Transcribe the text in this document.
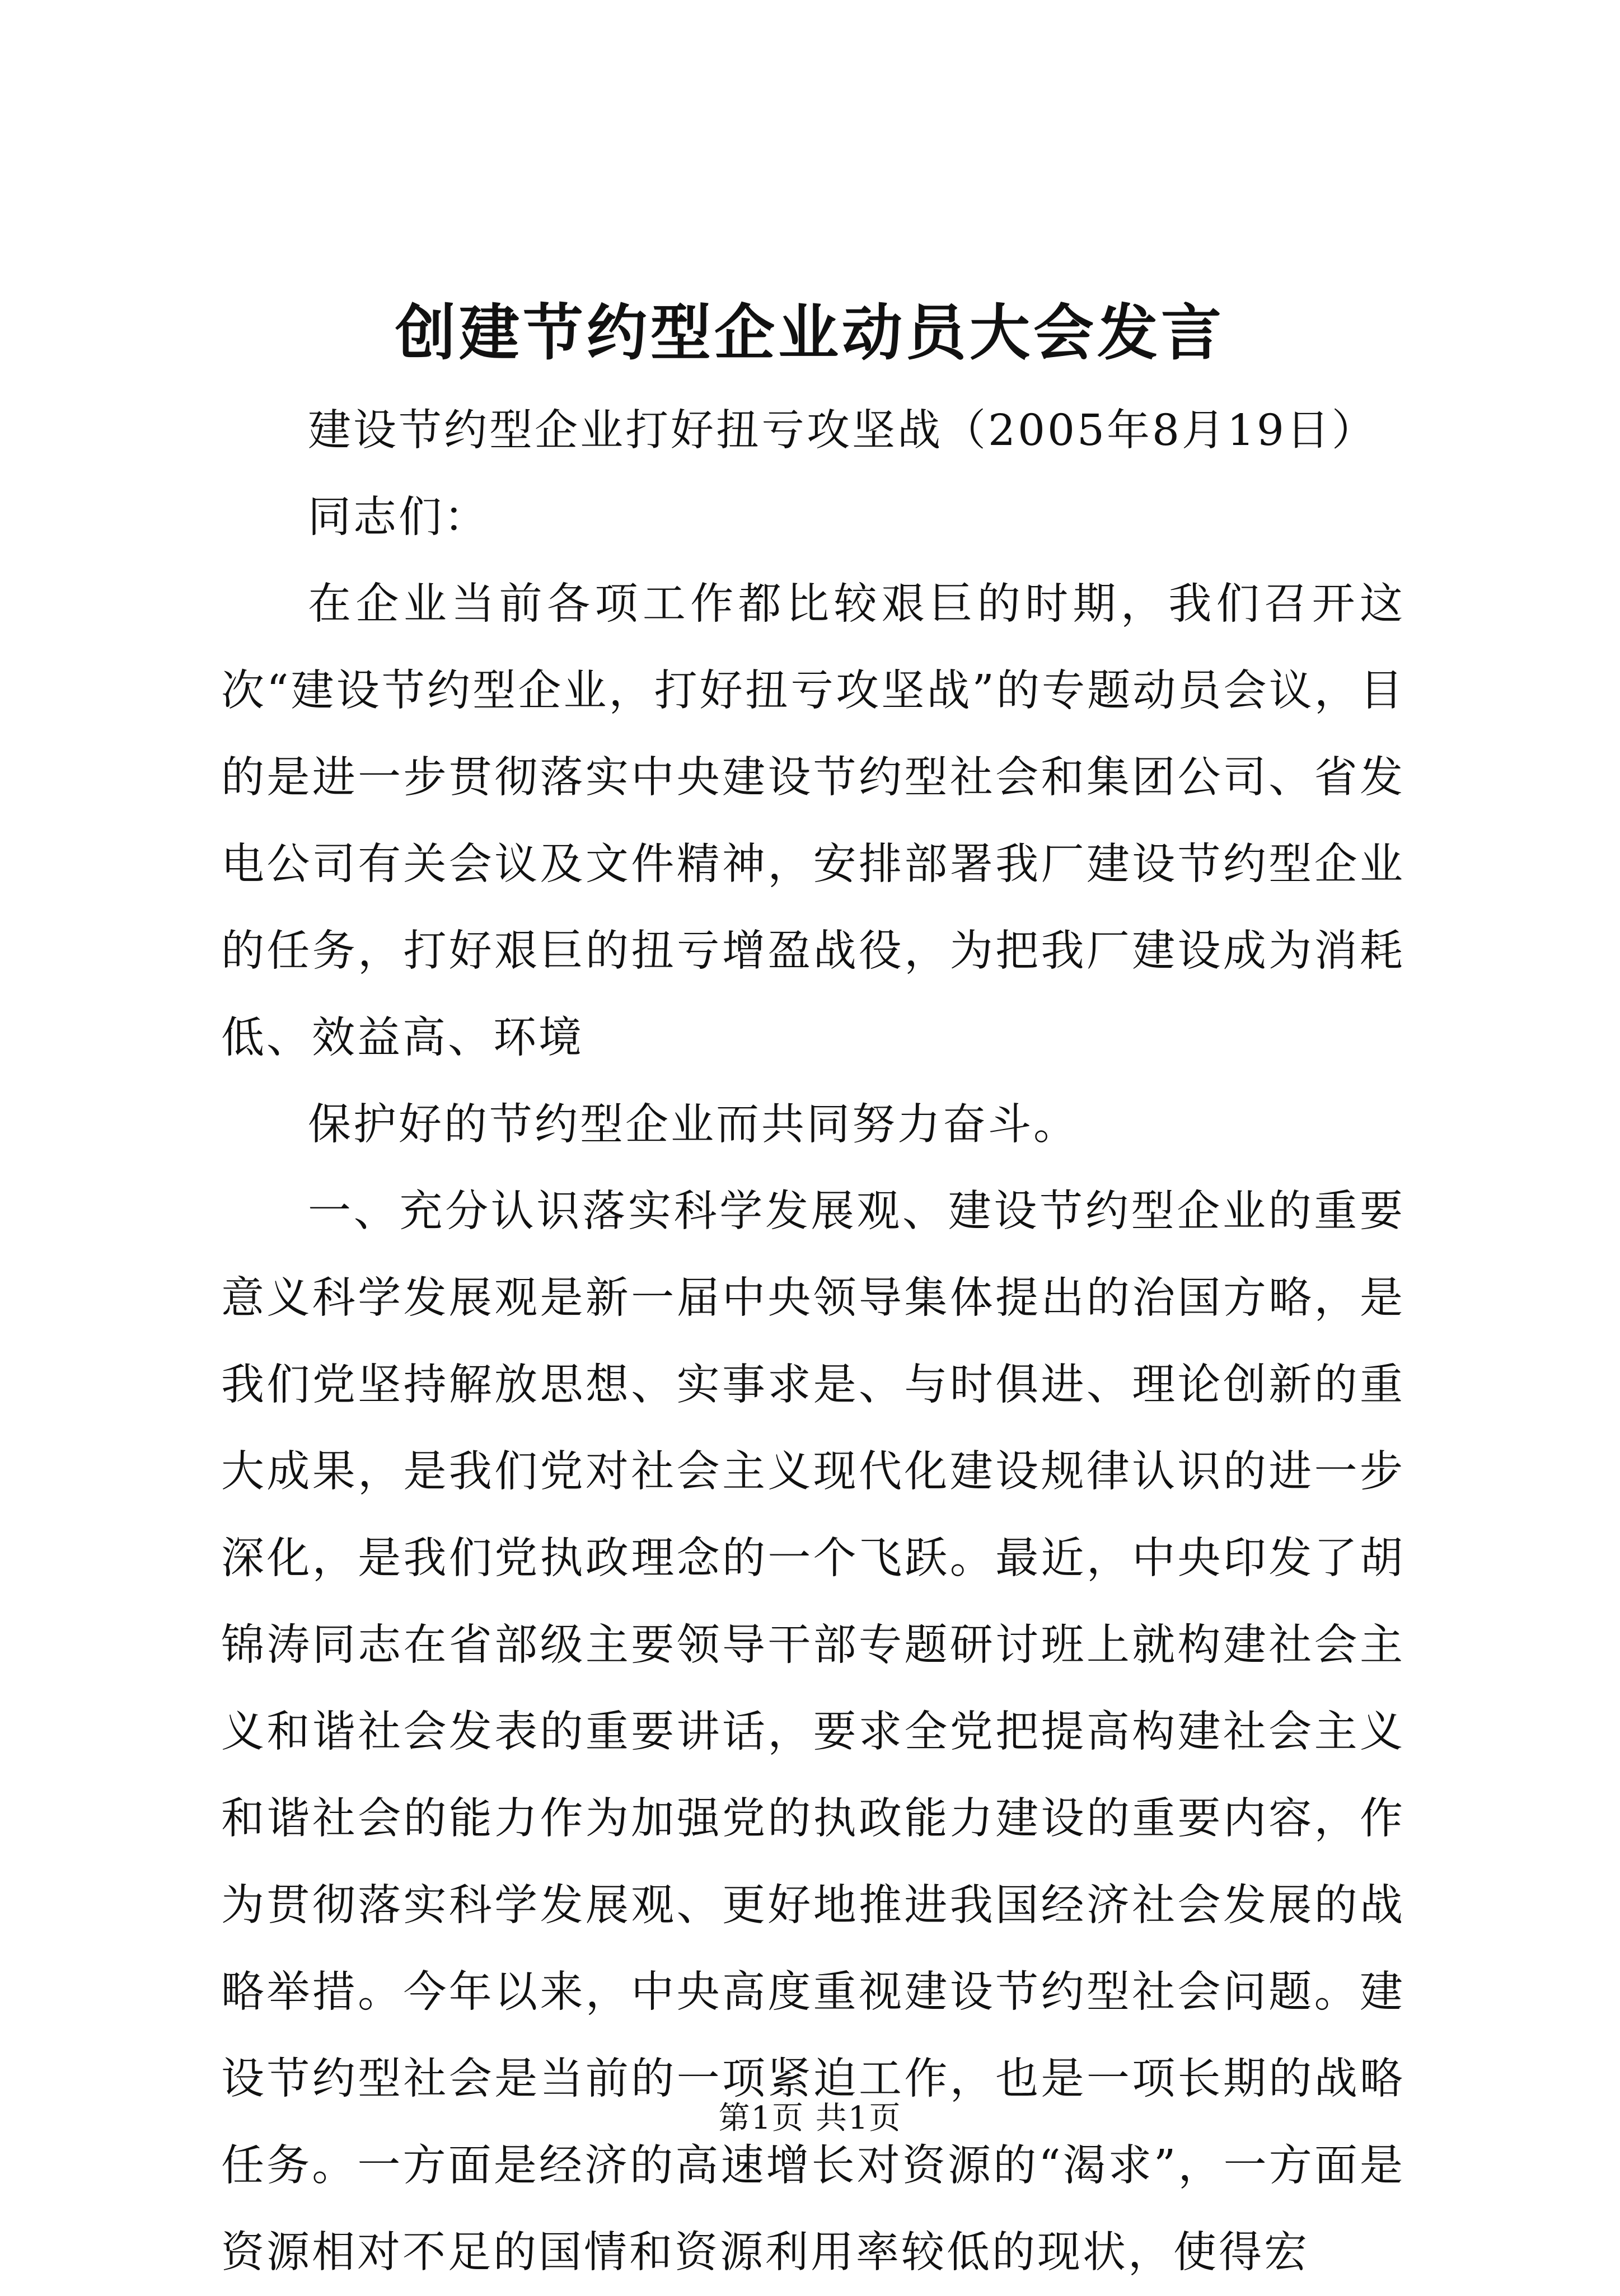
创建节约型企业动员大会发言

建设节约型企业打好扭亏攻坚战（2005年8月19日）

同志们：

在企业当前各项工作都比较艰巨的时期，我们召开这次“建设节约型企业，打好扭亏攻坚战”的专题动员会议，目的是进一步贯彻落实中央建设节约型社会和集团公司、省发电公司有关会议及文件精神，安排部署我厂建设节约型企业的任务，打好艰巨的扭亏增盈战役，为把我厂建设成为消耗低、效益高、环境

保护好的节约型企业而共同努力奋斗。

一、充分认识落实科学发展观、建设节约型企业的重要意义科学发展观是新一届中央领导集体提出的治国方略，是我们党坚持解放思想、实事求是、与时俱进、理论创新的重大成果，是我们党对社会主义现代化建设规律认识的进一步深化，是我们党执政理念的一个飞跃。最近，中央印发了胡锦涛同志在省部级主要领导干部专题研讨班上就构建社会主义和谐社会发表的重要讲话，要求全党把提高构建社会主义和谐社会的能力作为加强党的执政能力建设的重要内容，作为贯彻落实科学发展观、更好地推进我国经济社会发展的战略举措。今年以来，中央高度重视建设节约型社会问题。建设节约型社会是当前的一项紧迫工作，也是一项长期的战略任务。一方面是经济的高速增长对资源的“渴求”，一方面是资源相对不足的国情和资源利用率较低的现状，使得宏

第1页 共1页
